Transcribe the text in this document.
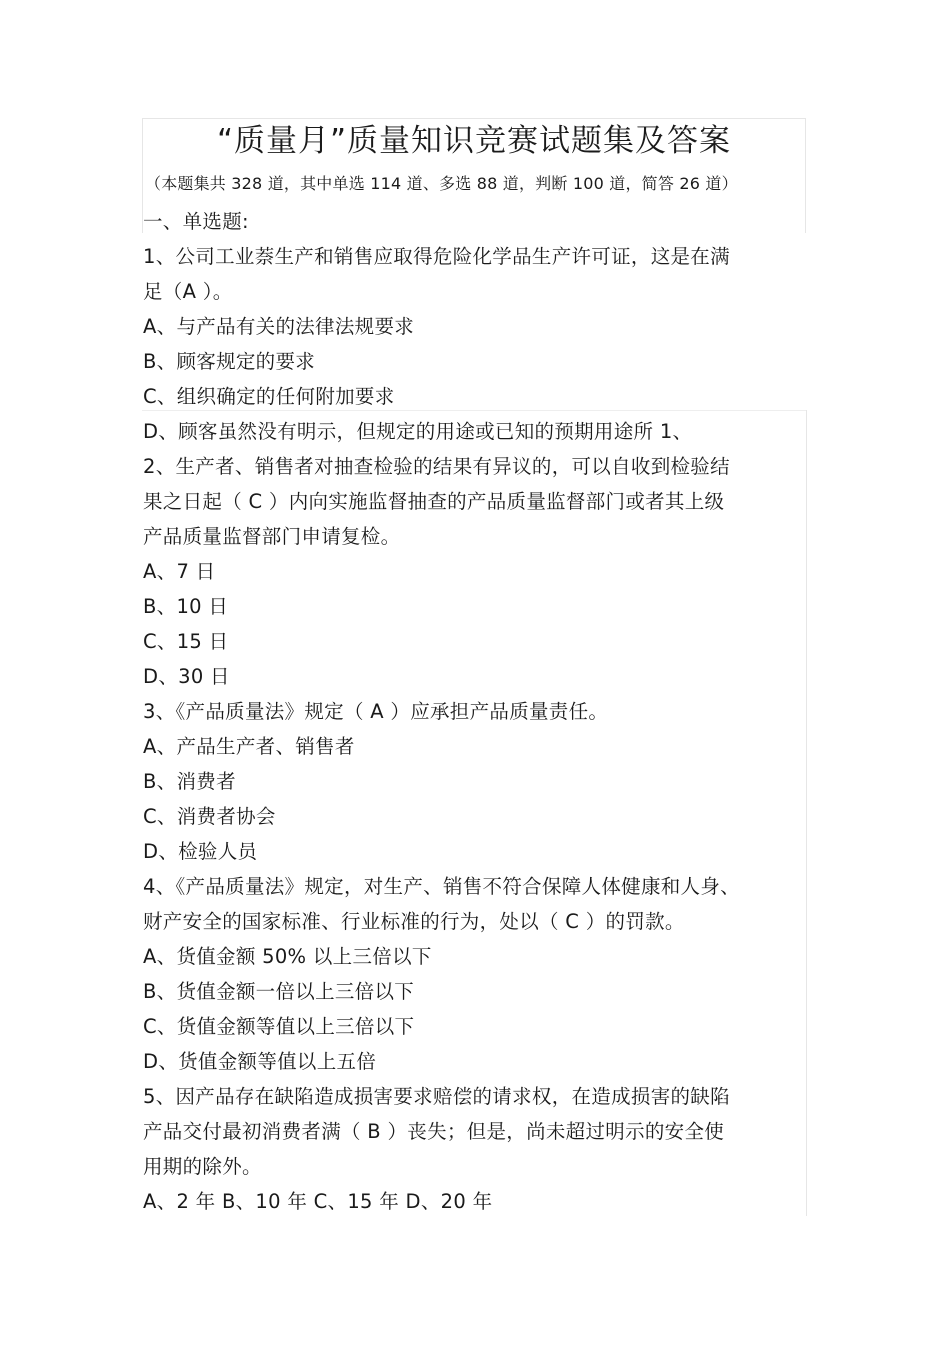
“质量月”质量知识竞赛试题集及答案
（本题集共 328 道，其中单选 114 道、多选 88 道，判断 100 道，简答 26 道）
一、单选题:
1、公司工业萘生产和销售应取得危险化学品生产许可证，这是在满
足（A ）。
A、与产品有关的法律法规要求
B、顾客规定的要求
C、组织确定的任何附加要求
D、顾客虽然没有明示，但规定的用途或已知的预期用途所 1、
2、生产者、销售者对抽查检验的结果有异议的，可以自收到检验结
果之日起（ C ）内向实施监督抽查的产品质量监督部门或者其上级
产品质量监督部门申请复检。
A、7 日
B、10 日
C、15 日
D、30 日
3、《产品质量法》规定（ A ）应承担产品质量责任。
A、产品生产者、销售者
B、消费者
C、消费者协会
D、检验人员
4、《产品质量法》规定，对生产、销售不符合保障人体健康和人身、
财产安全的国家标准、行业标准的行为，处以（ C ）的罚款。
A、货值金额 50% 以上三倍以下
B、货值金额一倍以上三倍以下
C、货值金额等值以上三倍以下
D、货值金额等值以上五倍
5、因产品存在缺陷造成损害要求赔偿的请求权，在造成损害的缺陷
产品交付最初消费者满（ B ）丧失；但是，尚未超过明示的安全使
用期的除外。
A、2 年 B、10 年 C、15 年 D、20 年
